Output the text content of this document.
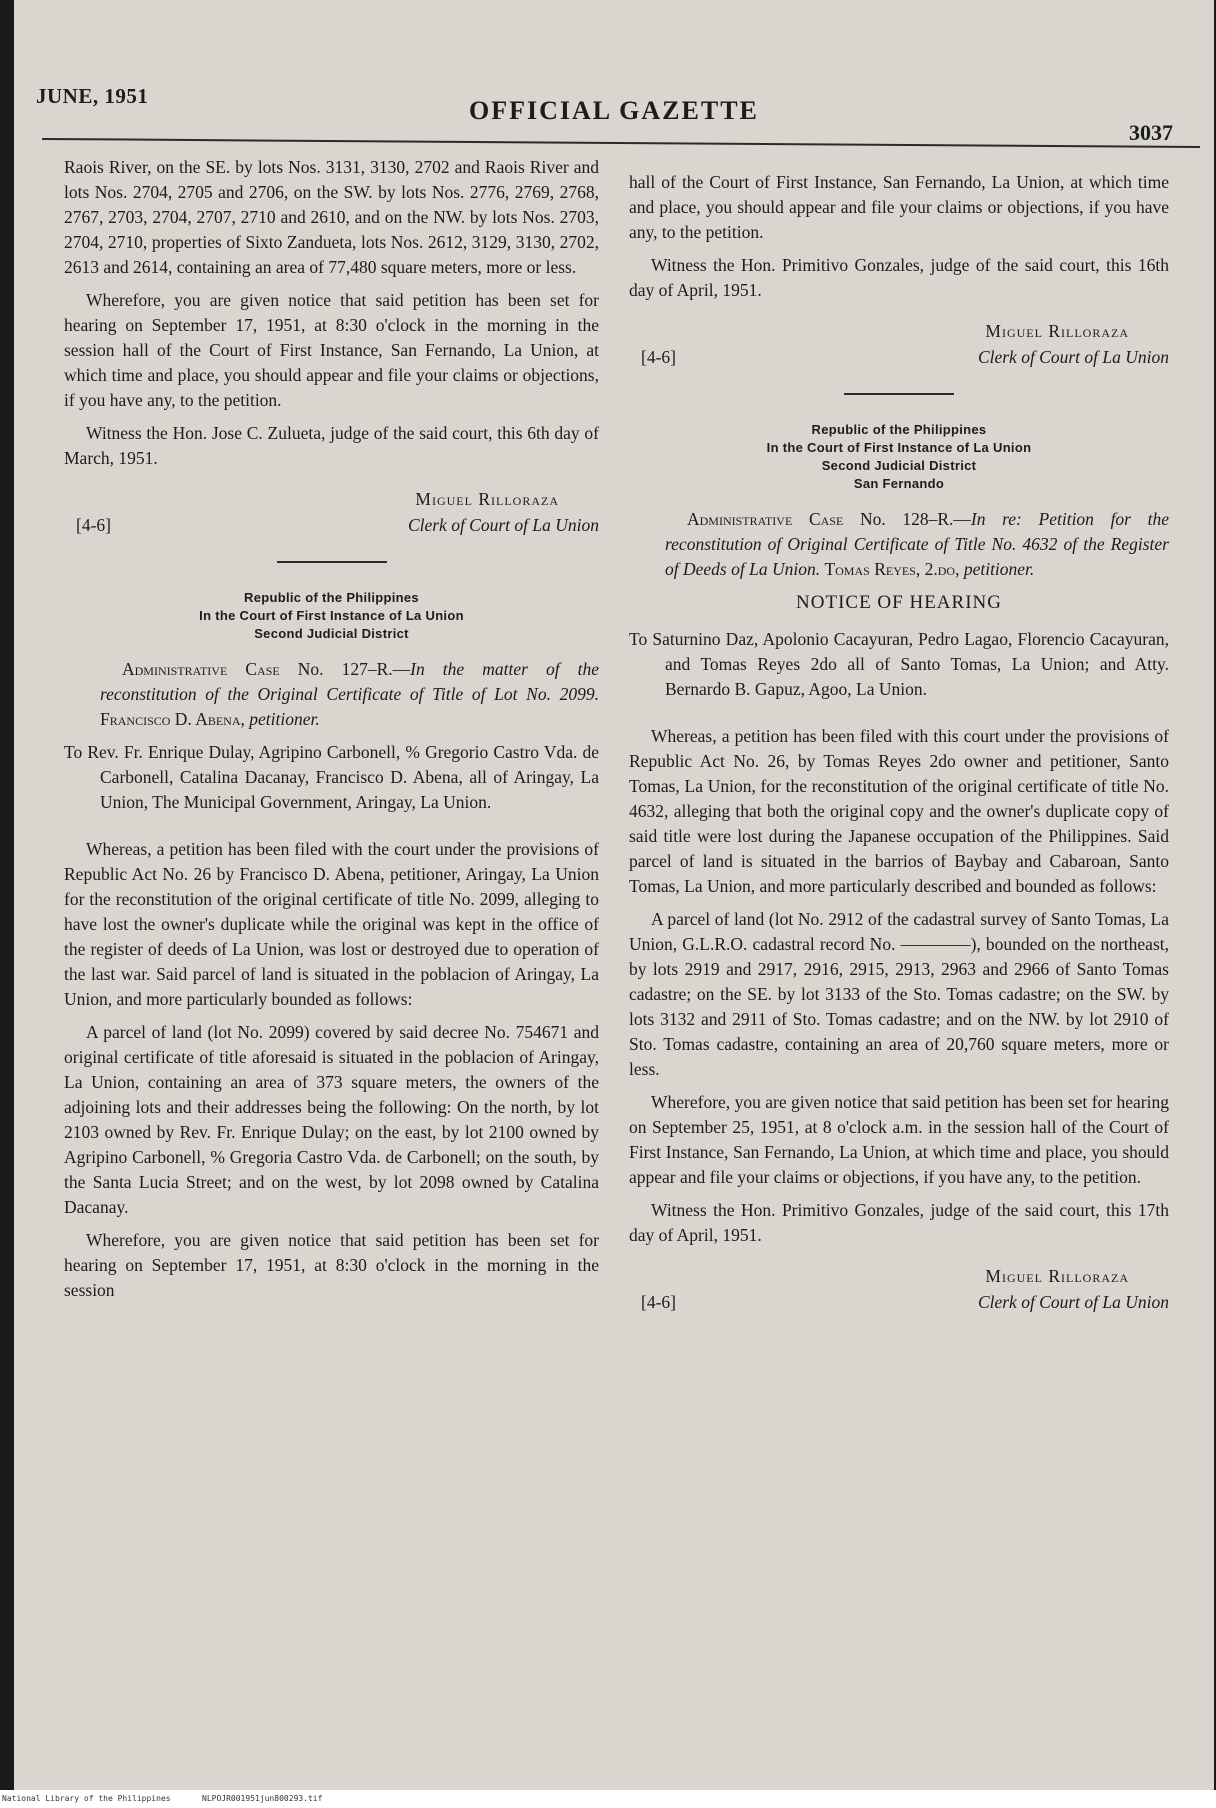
JUNE, 1951	OFFICIAL GAZETTE
3037

Raois River, on the SE. by lots Nos. 3131, 3130, 2702 and Raois River and lots Nos. 2704, 2705 and 2706, on the SW. by lots Nos. 2776, 2769, 2768, 2767, 2703, 2704, 2707, 2710 and 2610, and on the NW. by lots Nos. 2703, 2704, 2710, properties of Sixto Zandueta, lots Nos. 2612, 3129, 3130, 2702, 2613 and 2614, containing an area of 77,480 square meters, more or less.

Wherefore, you are given notice that said petition has been set for hearing on September 17, 1951, at 8:30 o'clock in the morning in the session hall of the Court of First Instance, San Fernando, La Union, at which time and place, you should appear and file your claims or objections, if you have any, to the petition.

Witness the Hon. Jose C. Zulueta, judge of the said court, this 6th day of March, 1951.

[4-6]
Miguel Rilloraza
Clerk of Court of La Union
Republic of the Philippines
In the Court of First Instance of La Union
Second Judicial District

Administrative Case No. 127–R.—In the matter of the reconstitution of the Original Certificate of Title of Lot No. 2099. Francisco D. Abena, petitioner.

To Rev. Fr. Enrique Dulay, Agripino Carbonell, % Gregorio Castro Vda. de Carbonell, Catalina Dacanay, Francisco D. Abena, all of Aringay, La Union, The Municipal Government, Aringay, La Union.

Whereas, a petition has been filed with the court under the provisions of Republic Act No. 26 by Francisco D. Abena, petitioner, Aringay, La Union for the reconstitution of the original certificate of title No. 2099, alleging to have lost the owner's duplicate while the original was kept in the office of the register of deeds of La Union, was lost or destroyed due to operation of the last war. Said parcel of land is situated in the poblacion of Aringay, La Union, and more particularly bounded as follows:

A parcel of land (lot No. 2099) covered by said decree No. 754671 and original certificate of title aforesaid is situated in the poblacion of Aringay, La Union, containing an area of 373 square meters, the owners of the adjoining lots and their addresses being the following: On the north, by lot 2103 owned by Rev. Fr. Enrique Dulay; on the east, by lot 2100 owned by Agripino Carbonell, % Gregoria Castro Vda. de Carbonell; on the south, by the Santa Lucia Street; and on the west, by lot 2098 owned by Catalina Dacanay.

Wherefore, you are given notice that said petition has been set for hearing on September 17, 1951, at 8:30 o'clock in the morning in the session

hall of the Court of First Instance, San Fernando, La Union, at which time and place, you should appear and file your claims or objections, if you have any, to the petition.

Witness the Hon. Primitivo Gonzales, judge of the said court, this 16th day of April, 1951.

[4-6]
Miguel Rilloraza
Clerk of Court of La Union
Republic of the Philippines
In the Court of First Instance of La Union
Second Judicial District
San Fernando

Administrative Case No. 128–R.—In re: Petition for the reconstitution of Original Certificate of Title No. 4632 of the Register of Deeds of La Union. Tomas Reyes, 2.do, petitioner.

NOTICE OF HEARING

To Saturnino Daz, Apolonio Cacayuran, Pedro Lagao, Florencio Cacayuran, and Tomas Reyes 2do all of Santo Tomas, La Union; and Atty. Bernardo B. Gapuz, Agoo, La Union.

Whereas, a petition has been filed with this court under the provisions of Republic Act No. 26, by Tomas Reyes 2do owner and petitioner, Santo Tomas, La Union, for the reconstitution of the original certificate of title No. 4632, alleging that both the original copy and the owner's duplicate copy of said title were lost during the Japanese occupation of the Philippines. Said parcel of land is situated in the barrios of Baybay and Cabaroan, Santo Tomas, La Union, and more particularly described and bounded as follows:

A parcel of land (lot No. 2912 of the cadastral survey of Santo Tomas, La Union, G.L.R.O. cadastral record No. ————), bounded on the northeast, by lots 2919 and 2917, 2916, 2915, 2913, 2963 and 2966 of Santo Tomas cadastre; on the SE. by lot 3133 of the Sto. Tomas cadastre; on the SW. by lots 3132 and 2911 of Sto. Tomas cadastre; and on the NW. by lot 2910 of Sto. Tomas cadastre, containing an area of 20,760 square meters, more or less.

Wherefore, you are given notice that said petition has been set for hearing on September 25, 1951, at 8 o'clock a.m. in the session hall of the Court of First Instance, San Fernando, La Union, at which time and place, you should appear and file your claims or objections, if you have any, to the petition.

Witness the Hon. Primitivo Gonzales, judge of the said court, this 17th day of April, 1951.

[4-6]
Miguel Rilloraza
Clerk of Court of La Union
National Library of the Philippines	NLPOJR001951jun800293.tif
